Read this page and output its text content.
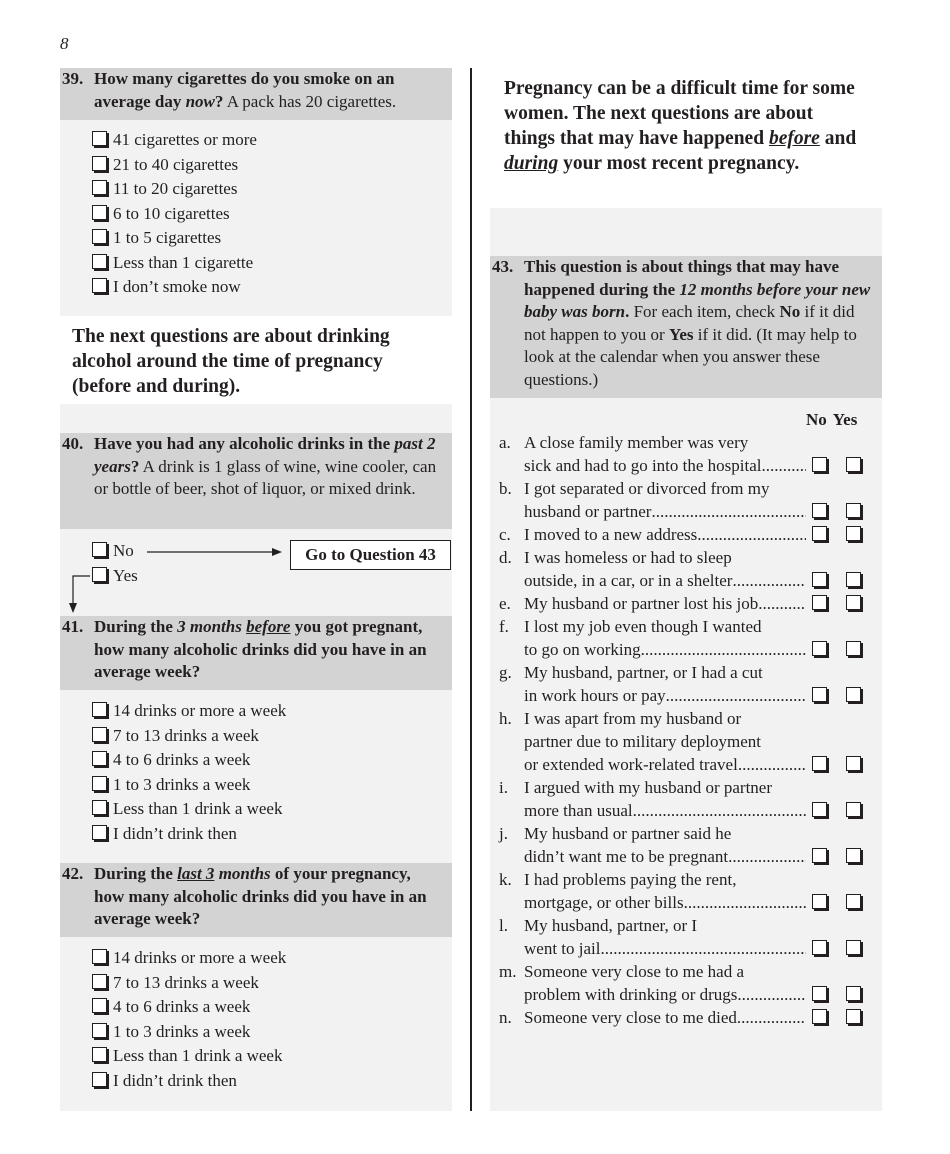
8
39. How many cigarettes do you smoke on an average day now? A pack has 20 cigarettes.
41 cigarettes or more
21 to 40 cigarettes
11 to 20 cigarettes
6 to 10 cigarettes
1 to 5 cigarettes
Less than 1 cigarette
I don’t smoke now
The next questions are about drinking alcohol around the time of pregnancy (before and during).
40. Have you had any alcoholic drinks in the past 2 years? A drink is 1 glass of wine, wine cooler, can or bottle of beer, shot of liquor, or mixed drink.
No
Yes
Go to Question 43
41. During the 3 months before you got pregnant, how many alcoholic drinks did you have in an average week?
14 drinks or more a week
7 to 13 drinks a week
4 to 6 drinks a week
1 to 3 drinks a week
Less than 1 drink a week
I didn’t drink then
42. During the last 3 months of your pregnancy, how many alcoholic drinks did you have in an average week?
14 drinks or more a week
7 to 13 drinks a week
4 to 6 drinks a week
1 to 3 drinks a week
Less than 1 drink a week
I didn’t drink then
Pregnancy can be a difficult time for some women. The next questions are about things that may have happened before and during your most recent pregnancy.
43. This question is about things that may have happened during the 12 months before your new baby was born. For each item, check No if it did not happen to you or Yes if it did. (It may help to look at the calendar when you answer these questions.)
No Yes
a. A close family member was very
sick and had to go into the hospital
.....
b. I got separated or divorced from my
husband or partner
.....
c. I moved to a new address
.....
d. I was homeless or had to sleep
outside, in a car, or in a shelter
.....
e. My husband or partner lost his job
.....
f. I lost my job even though I wanted
to go on working
.....
g. My husband, partner, or I had a cut
in work hours or pay
.....
h. I was apart from my husband or
partner due to military deployment
or extended work-related travel
.....
i. I argued with my husband or partner
more than usual
.....
j. My husband or partner said he
didn’t want me to be pregnant
.....
k. I had problems paying the rent,
mortgage, or other bills
.....
l. My husband, partner, or I
went to jail
.....
m. Someone very close to me had a
problem with drinking or drugs
.....
n. Someone very close to me died
.....
